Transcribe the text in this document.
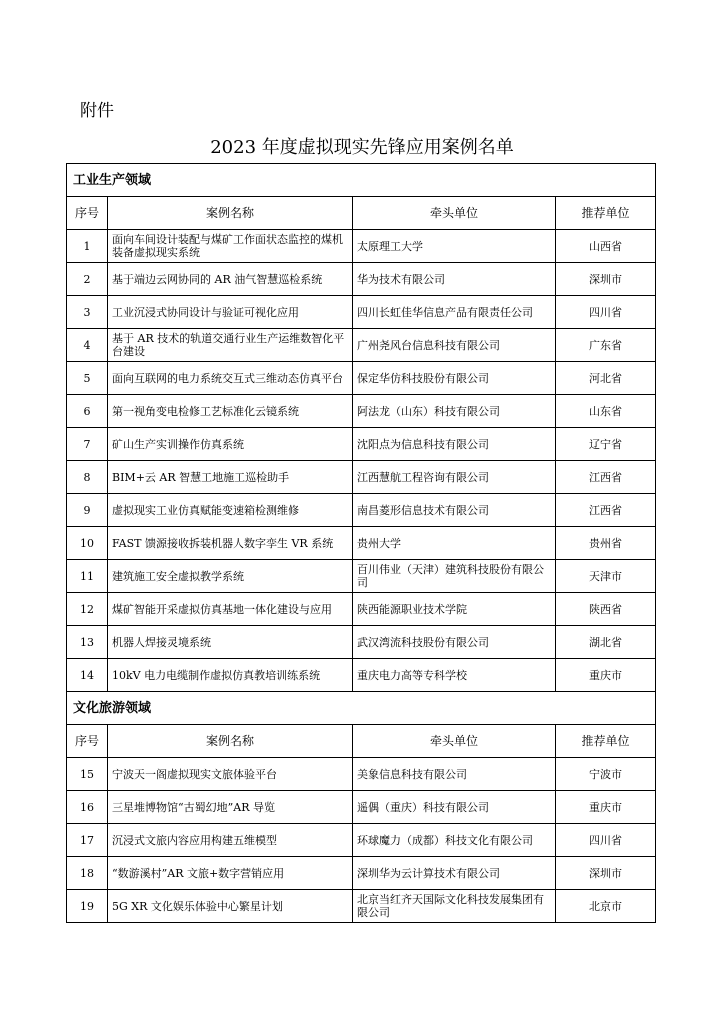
附件
2023 年度虚拟现实先锋应用案例名单
工业生产领域			
序号	案例名称	牵头单位	推荐单位
1	面向车间设计装配与煤矿工作面状态监控的煤机装备虚拟现实系统	太原理工大学	山西省
2	基于端边云网协同的 AR 油气智慧巡检系统	华为技术有限公司	深圳市
3	工业沉浸式协同设计与验证可视化应用	四川长虹佳华信息产品有限责任公司	四川省
4	基于 AR 技术的轨道交通行业生产运维数智化平台建设	广州尧风台信息科技有限公司	广东省
5	面向互联网的电力系统交互式三维动态仿真平台	保定华仿科技股份有限公司	河北省
6	第一视角变电检修工艺标准化云镜系统	阿法龙（山东）科技有限公司	山东省
7	矿山生产实训操作仿真系统	沈阳点为信息科技有限公司	辽宁省
8	BIM+云 AR 智慧工地施工巡检助手	江西慧航工程咨询有限公司	江西省
9	虚拟现实工业仿真赋能变速箱检测维修	南昌菱形信息技术有限公司	江西省
10	FAST 馈源接收拆装机器人数字孪生 VR 系统	贵州大学	贵州省
11	建筑施工安全虚拟教学系统	百川伟业（天津）建筑科技股份有限公司	天津市
12	煤矿智能开采虚拟仿真基地一体化建设与应用	陕西能源职业技术学院	陕西省
13	机器人焊接灵境系统	武汉湾流科技股份有限公司	湖北省
14	10kV 电力电缆制作虚拟仿真教培训练系统	重庆电力高等专科学校	重庆市
文化旅游领域			
序号	案例名称	牵头单位	推荐单位
15	宁波天一阁虚拟现实文旅体验平台	美象信息科技有限公司	宁波市
16	三星堆博物馆“古蜀幻地”AR 导览	遥偶（重庆）科技有限公司	重庆市
17	沉浸式文旅内容应用构建五维模型	环球魔力（成都）科技文化有限公司	四川省
18	“数游溪村”AR 文旅+数字营销应用	深圳华为云计算技术有限公司	深圳市
19	5G XR 文化娱乐体验中心繁星计划	北京当红齐天国际文化科技发展集团有限公司	北京市
